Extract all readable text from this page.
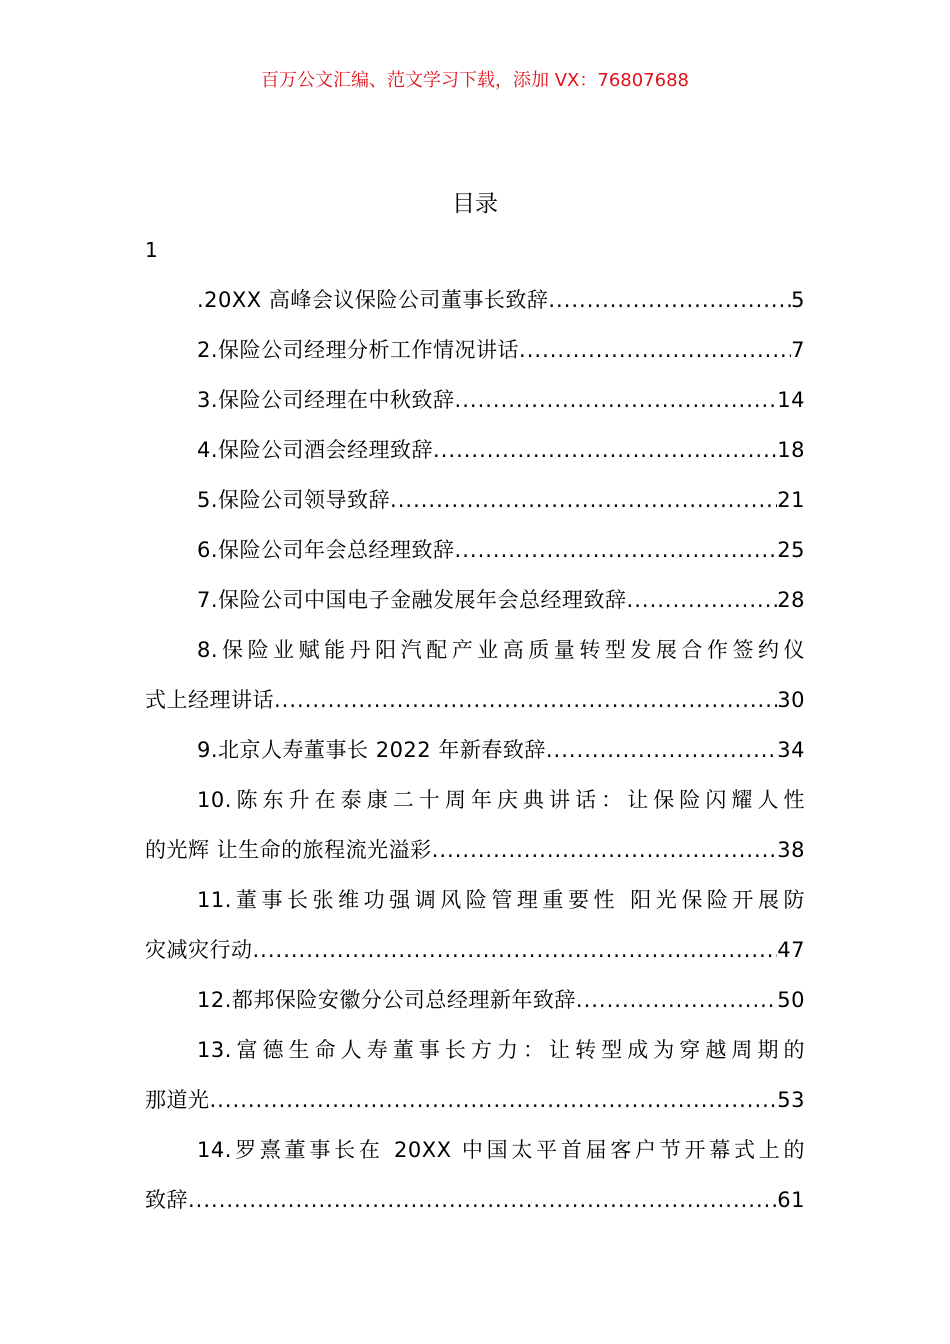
百万公文汇编、范文学习下载，添加 VX：76807688
目录
1
.20XX 高峰会议保险公司董事长致辞 .....	5
2.保险公司经理分析工作情况讲话 .....	7
3.保险公司经理在中秋致辞 .....	14
4.保险公司酒会经理致辞 .....	18
5.保险公司领导致辞 .....	21
6.保险公司年会总经理致辞 .....	25
7.保险公司中国电子金融发展年会总经理致辞 .....	28
8.保险业赋能丹阳汽配产业高质量转型发展合作签约仪
式上经理讲话 .....	30
9.北京人寿董事长 2022 年新春致辞 .....	34
10.陈东升在泰康二十周年庆典讲话：让保险闪耀人性
的光辉 让生命的旅程流光溢彩 .....	38
11.董事长张维功强调风险管理重要性 阳光保险开展防
灾减灾行动 .....	47
12.都邦保险安徽分公司总经理新年致辞 .....	50
13.富德生命人寿董事长方力：让转型成为穿越周期的
那道光 .....	53
14.罗熹董事长在 20XX 中国太平首届客户节开幕式上的
致辞 .....	61
